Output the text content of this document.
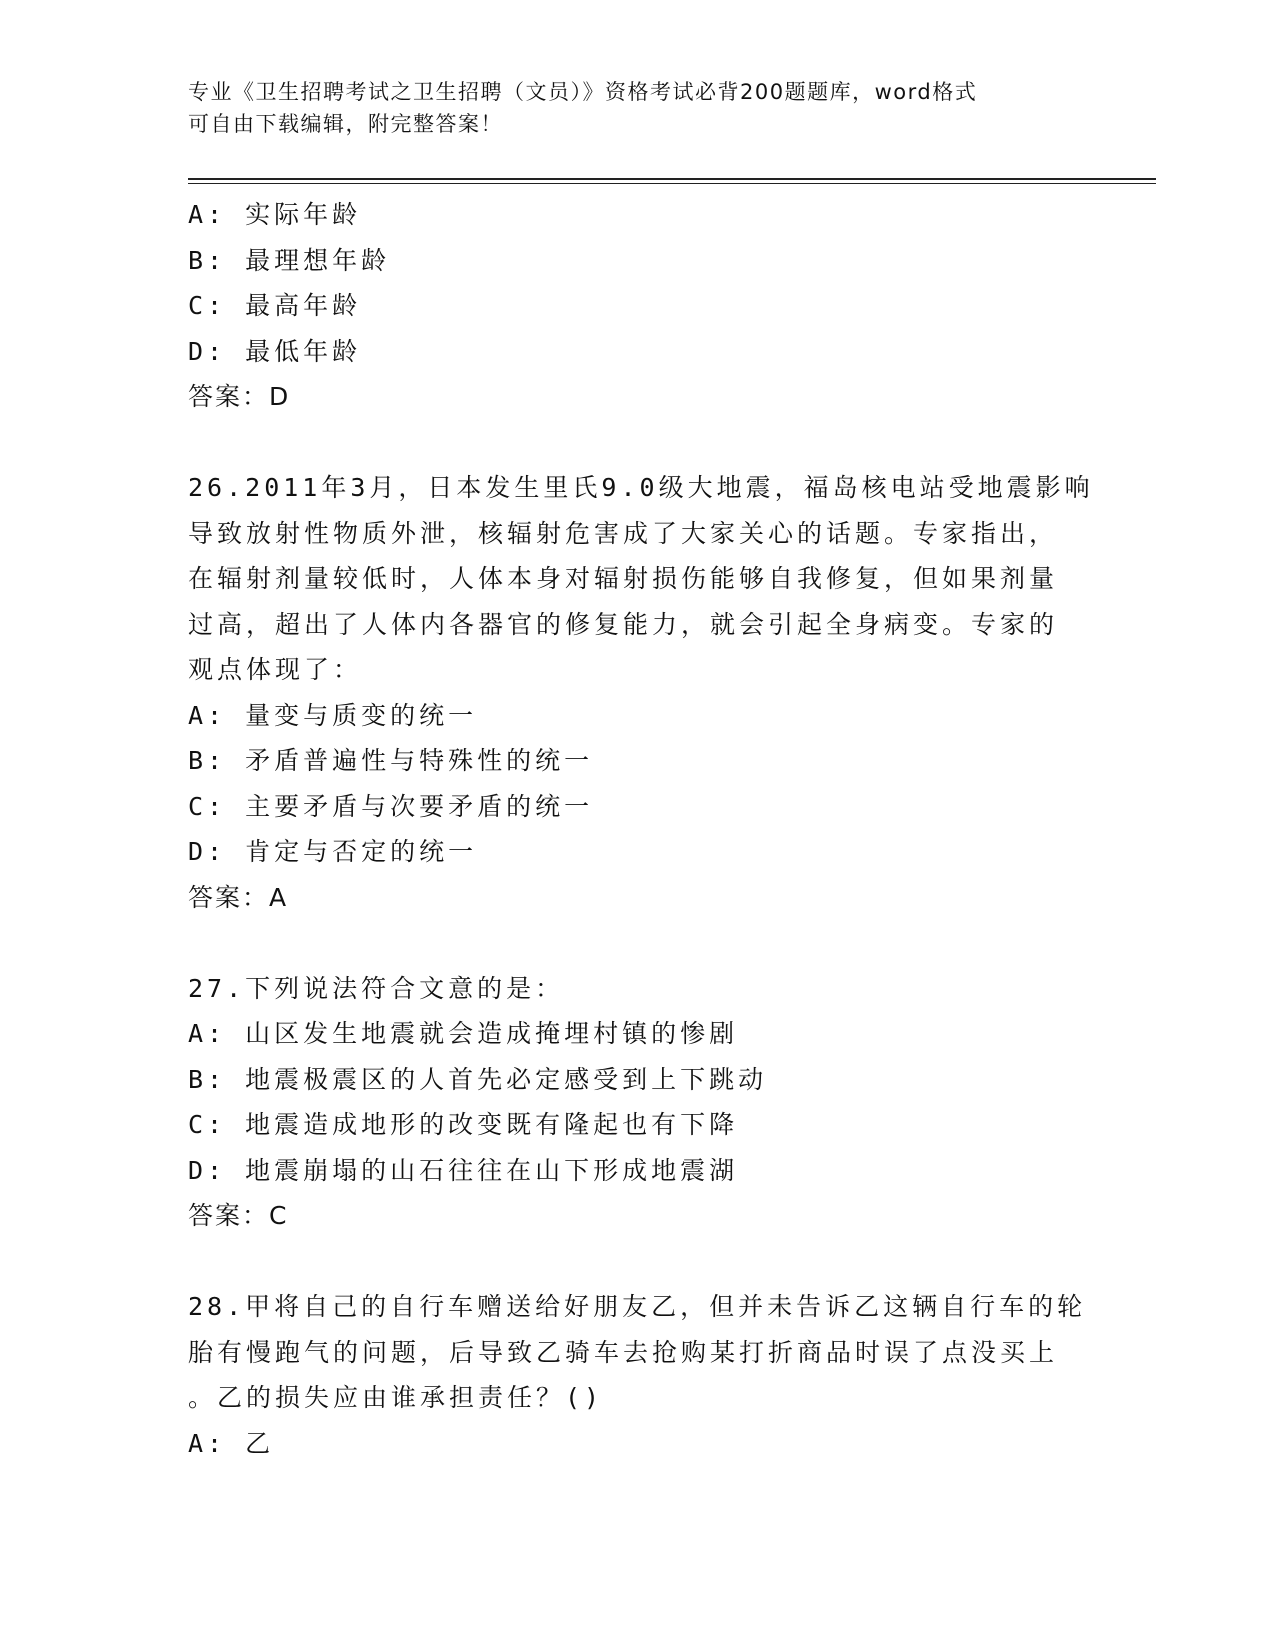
专业《卫生招聘考试之卫生招聘（文员）》资格考试必背200题题库，word格式
可自由下载编辑，附完整答案！
A: 实际年龄
B: 最理想年龄
C: 最高年龄
D: 最低年龄
答案：D
26.2011年3月，日本发生里氏9.0级大地震，福岛核电站受地震影响
导致放射性物质外泄，核辐射危害成了大家关心的话题。专家指出，
在辐射剂量较低时，人体本身对辐射损伤能够自我修复，但如果剂量
过高，超出了人体内各器官的修复能力，就会引起全身病变。专家的
观点体现了：
A: 量变与质变的统一
B: 矛盾普遍性与特殊性的统一
C: 主要矛盾与次要矛盾的统一
D: 肯定与否定的统一
答案：A
27.下列说法符合文意的是：
A: 山区发生地震就会造成掩埋村镇的惨剧
B: 地震极震区的人首先必定感受到上下跳动
C: 地震造成地形的改变既有隆起也有下降
D: 地震崩塌的山石往往在山下形成地震湖
答案：C
28.甲将自己的自行车赠送给好朋友乙，但并未告诉乙这辆自行车的轮
胎有慢跑气的问题，后导致乙骑车去抢购某打折商品时误了点没买上
。乙的损失应由谁承担责任？()
A: 乙
